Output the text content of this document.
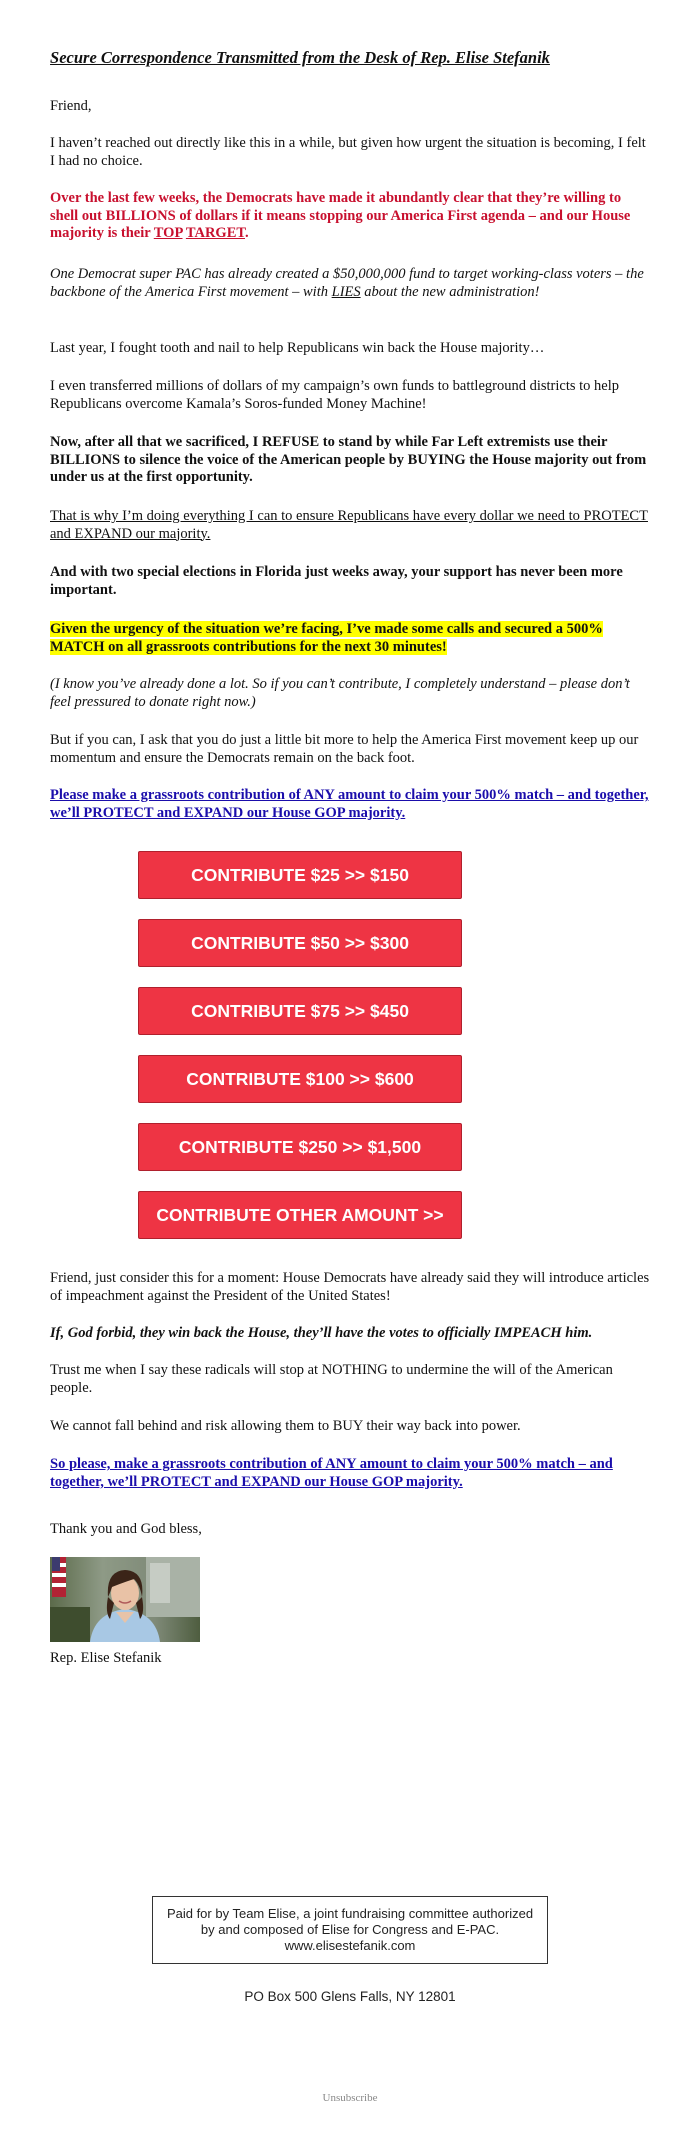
Secure Correspondence Transmitted from the Desk of Rep. Elise Stefanik

Friend,

I haven’t reached out directly like this in a while, but given how urgent the situation is becoming, I felt I had no choice.

Over the last few weeks, the Democrats have made it abundantly clear that they’re willing to shell out BILLIONS of dollars if it means stopping our America First agenda – and our House majority is their TOP TARGET.

One Democrat super PAC has already created a $50,000,000 fund to target working-class voters – the backbone of the America First movement – with LIES about the new administration!

Last year, I fought tooth and nail to help Republicans win back the House majority…

I even transferred millions of dollars of my campaign’s own funds to battleground districts to help Republicans overcome Kamala’s Soros-funded Money Machine!

Now, after all that we sacrificed, I REFUSE to stand by while Far Left extremists use their BILLIONS to silence the voice of the American people by BUYING the House majority out from under us at the first opportunity.

That is why I’m doing everything I can to ensure Republicans have every dollar we need to PROTECT and EXPAND our majority.

And with two special elections in Florida just weeks away, your support has never been more important.

Given the urgency of the situation we’re facing, I’ve made some calls and secured a 500% MATCH on all grassroots contributions for the next 30 minutes!

(I know you’ve already done a lot. So if you can’t contribute, I completely understand – please don’t feel pressured to donate right now.)

But if you can, I ask that you do just a little bit more to help the America First movement keep up our momentum and ensure the Democrats remain on the back foot.

Please make a grassroots contribution of ANY amount to claim your 500% match – and together, we’ll PROTECT and EXPAND our House GOP majority.

CONTRIBUTE $25 >> $150
CONTRIBUTE $50 >> $300
CONTRIBUTE $75 >> $450
CONTRIBUTE $100 >> $600
CONTRIBUTE $250 >> $1,500
CONTRIBUTE OTHER AMOUNT >>

Friend, just consider this for a moment: House Democrats have already said they will introduce articles of impeachment against the President of the United States!

If, God forbid, they win back the House, they’ll have the votes to officially IMPEACH him.

Trust me when I say these radicals will stop at NOTHING to undermine the will of the American people.

We cannot fall behind and risk allowing them to BUY their way back into power.

So please, make a grassroots contribution of ANY amount to claim your 500% match – and together, we’ll PROTECT and EXPAND our House GOP majority.

Thank you and God bless,

Rep. Elise Stefanik

Paid for by Team Elise, a joint fundraising committee authorized by and composed of Elise for Congress and E-PAC. www.elisestefanik.com
PO Box 500 Glens Falls, NY 12801
Unsubscribe
